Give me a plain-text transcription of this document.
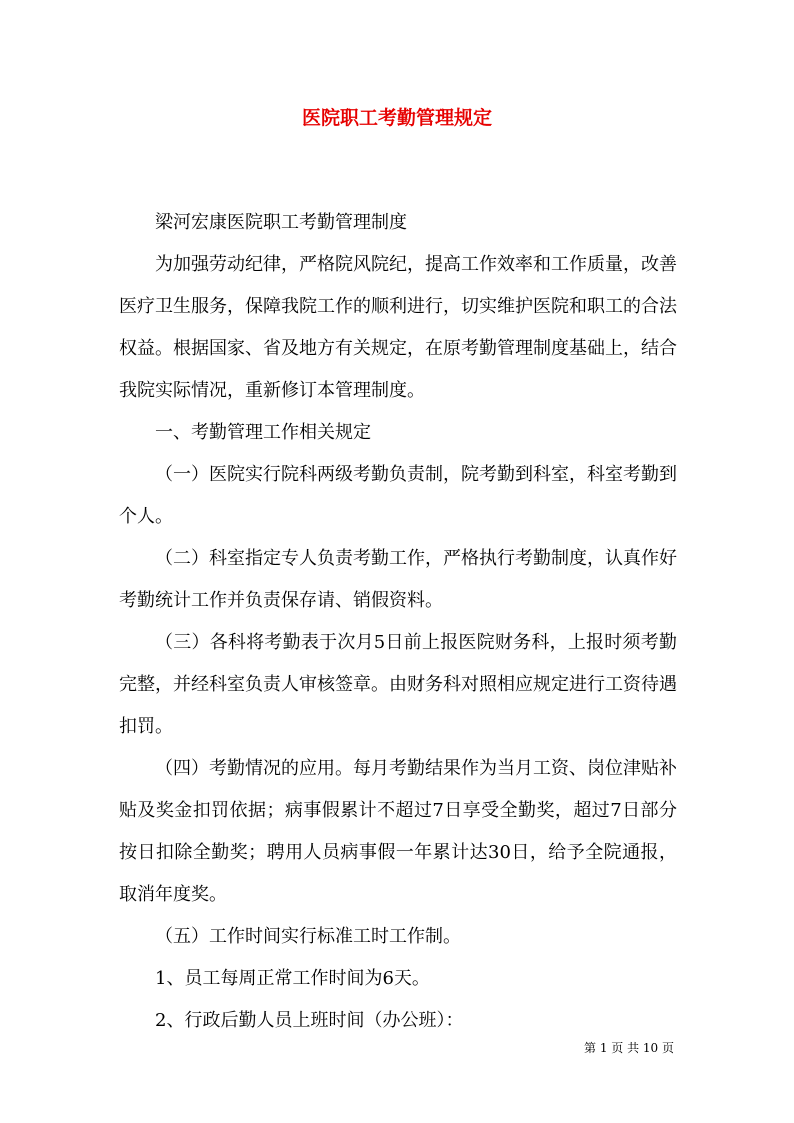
医院职工考勤管理规定

梁河宏康医院职工考勤管理制度

为加强劳动纪律，严格院风院纪，提高工作效率和工作质量，改善医疗卫生服务，保障我院工作的顺利进行，切实维护医院和职工的合法权益。根据国家、省及地方有关规定，在原考勤管理制度基础上，结合我院实际情况，重新修订本管理制度。

一、考勤管理工作相关规定

（一）医院实行院科两级考勤负责制，院考勤到科室，科室考勤到个人。

（二）科室指定专人负责考勤工作，严格执行考勤制度，认真作好考勤统计工作并负责保存请、销假资料。

（三）各科将考勤表于次月5日前上报医院财务科，上报时须考勤完整，并经科室负责人审核签章。由财务科对照相应规定进行工资待遇扣罚。

（四）考勤情况的应用。每月考勤结果作为当月工资、岗位津贴补贴及奖金扣罚依据；病事假累计不超过7日享受全勤奖，超过7日部分按日扣除全勤奖；聘用人员病事假一年累计达30日，给予全院通报，取消年度奖。

（五）工作时间实行标准工时工作制。

1、员工每周正常工作时间为6天。

2、行政后勤人员上班时间（办公班）：

第 1 页 共 10 页
